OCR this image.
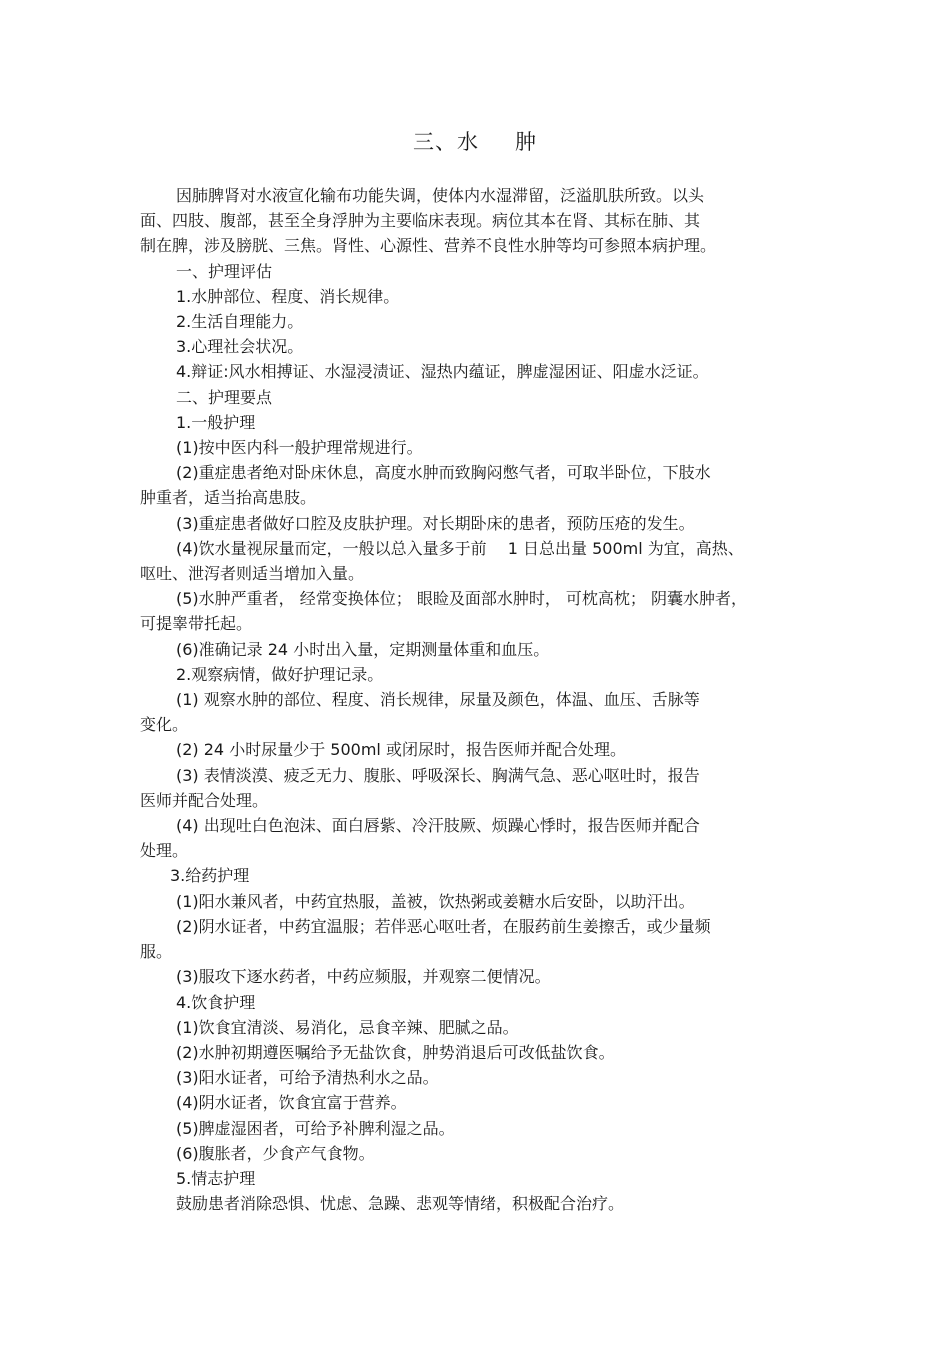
三、水 肿

因肺脾肾对水液宣化输布功能失调，使体内水湿滞留，泛溢肌肤所致。以头

面、四肢、腹部，甚至全身浮肿为主要临床表现。病位其本在肾、其标在肺、其

制在脾，涉及膀胱、三焦。肾性、心源性、营养不良性水肿等均可参照本病护理。

一、护理评估

1.水肿部位、程度、消长规律。

2.生活自理能力。

3.心理社会状况。

4.辩证:风水相搏证、水湿浸渍证、湿热内蕴证，脾虚湿困证、阳虚水泛证。

二、护理要点

1.一般护理

(1)按中医内科一般护理常规进行。

(2)重症患者绝对卧床休息，高度水肿而致胸闷憋气者，可取半卧位，下肢水

肿重者，适当抬高患肢。

(3)重症患者做好口腔及皮肤护理。对长期卧床的患者，预防压疮的发生。

(4)饮水量视尿量而定，一般以总入量多于前　 1 日总出量 500ml 为宜，高热、

呕吐、泄泻者则适当增加入量。

(5)水肿严重者， 经常变换体位； 眼睑及面部水肿时， 可枕高枕； 阴囊水肿者，

可提睾带托起。

(6)准确记录 24 小时出入量，定期测量体重和血压。

2.观察病情，做好护理记录。

(1) 观察水肿的部位、程度、消长规律，尿量及颜色，体温、血压、舌脉等

变化。

(2) 24 小时尿量少于 500ml 或闭尿时，报告医师并配合处理。

(3) 表情淡漠、疲乏无力、腹胀、呼吸深长、胸满气急、恶心呕吐时，报告

医师并配合处理。

(4) 出现吐白色泡沫、面白唇紫、冷汗肢厥、烦躁心悸时，报告医师并配合

处理。

3.给药护理

(1)阳水兼风者，中药宜热服，盖被，饮热粥或姜糖水后安卧，以助汗出。

(2)阴水证者，中药宜温服；若伴恶心呕吐者，在服药前生姜擦舌，或少量频

服。

(3)服攻下逐水药者，中药应频服，并观察二便情况。

4.饮食护理

(1)饮食宜清淡、易消化，忌食辛辣、肥腻之品。

(2)水肿初期遵医嘱给予无盐饮食，肿势消退后可改低盐饮食。

(3)阳水证者，可给予清热利水之品。

(4)阴水证者，饮食宜富于营养。

(5)脾虚湿困者，可给予补脾利湿之品。

(6)腹胀者，少食产气食物。

5.情志护理

鼓励患者消除恐惧、忧虑、急躁、悲观等情绪，积极配合治疗。
